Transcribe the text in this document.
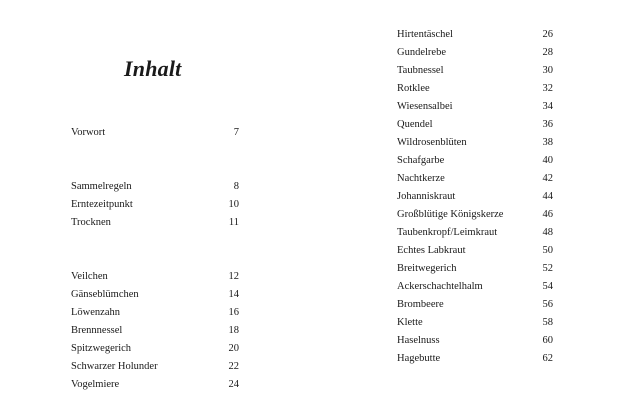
Inhalt
Vorwort	7
Sammelregeln	8
Erntezeitpunkt	10
Trocknen	11
Veilchen	12
Gänseblümchen	14
Löwenzahn	16
Brennnessel	18
Spitzwegerich	20
Schwarzer Holunder	22
Vogelmiere	24
Hirtentäschel	26
Gundelrebe	28
Taubnessel	30
Rotklee	32
Wiesensalbei	34
Quendel	36
Wildrosenblüten	38
Schafgarbe	40
Nachtkerze	42
Johanniskraut	44
Großblütige Königskerze	46
Taubenkropf/Leimkraut	48
Echtes Labkraut	50
Breitwegerich	52
Ackerschachtelhalm	54
Brombeere	56
Klette	58
Haselnuss	60
Hagebutte	62
